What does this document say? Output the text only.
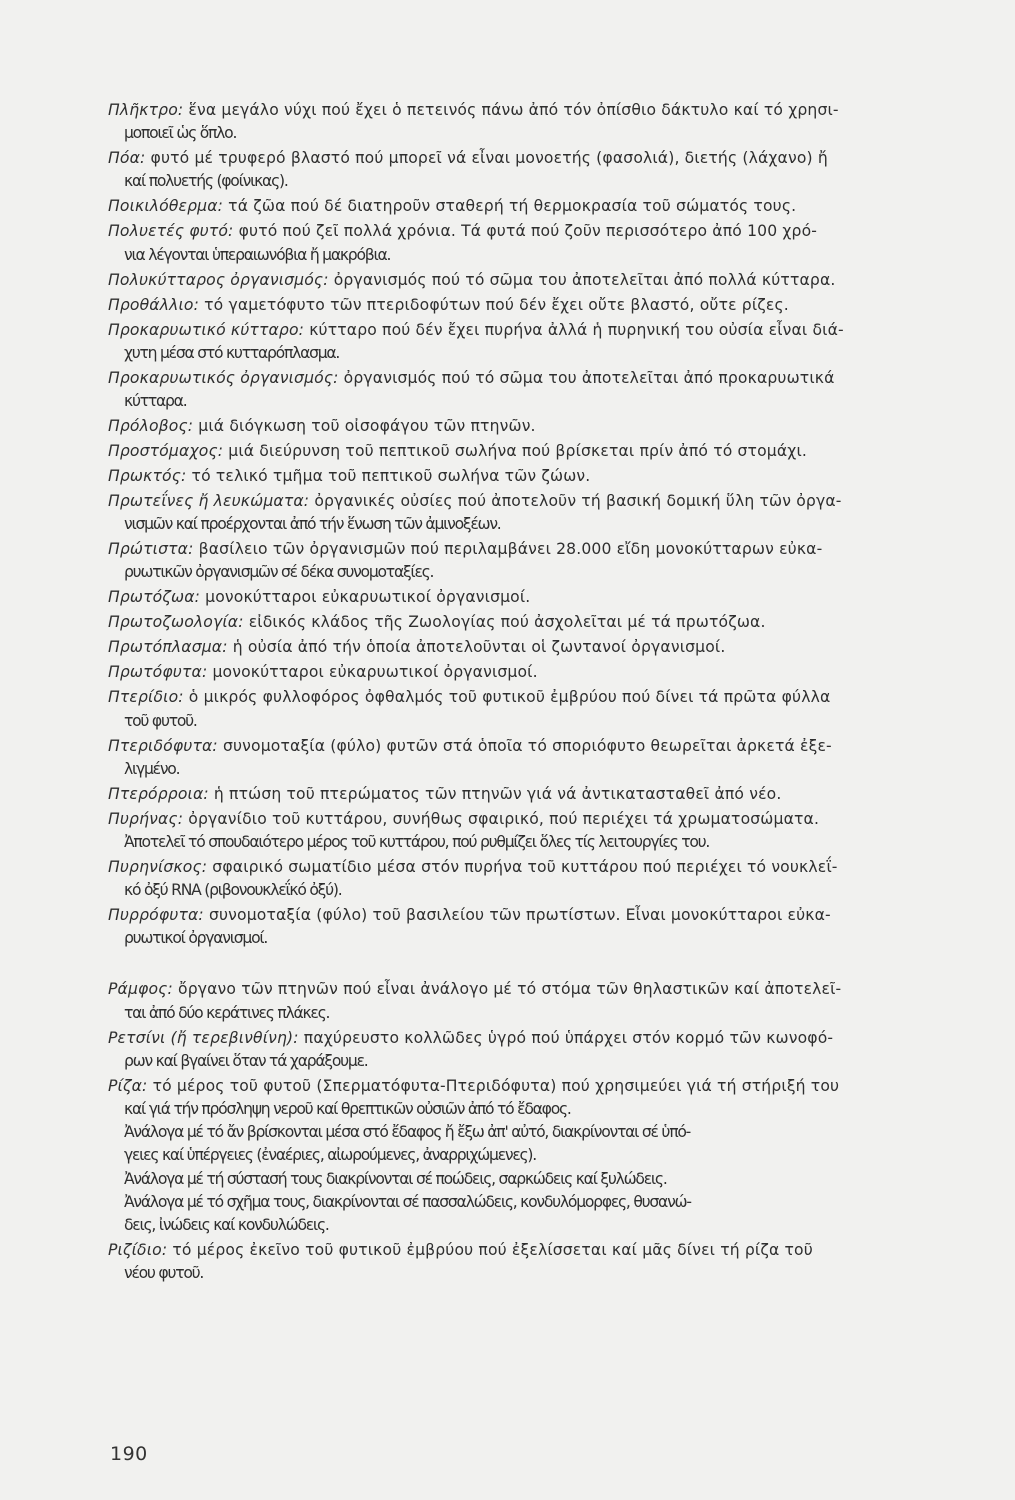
Πλῆκτρο: ἕνα μεγάλο νύχι πού ἔχει ὁ πετεινός πάνω ἀπό τόν ὀπίσθιο δάκτυλο καί τό χρησι-
μοποιεῖ ὡς ὅπλο.
Πόα: φυτό μέ τρυφερό βλαστό πού μπορεῖ νά εἶναι μονοετής (φασολιά), διετής (λάχανο) ἤ
καί πολυετής (φοίνικας).
Ποικιλόθερμα: τά ζῶα πού δέ διατηροῦν σταθερή τή θερμοκρασία τοῦ σώματός τους.
Πολυετές φυτό: φυτό πού ζεῖ πολλά χρόνια. Τά φυτά πού ζοῦν περισσότερο ἀπό 100 χρό-
νια λέγονται ὑπεραιωνόβια ἤ μακρόβια.
Πολυκύτταρος ὀργανισμός: ὀργανισμός πού τό σῶμα του ἀποτελεῖται ἀπό πολλά κύτταρα.
Προθάλλιο: τό γαμετόφυτο τῶν πτεριδοφύτων πού δέν ἔχει οὔτε βλαστό, οὔτε ρίζες.
Προκαρυωτικό κύτταρο: κύτταρο πού δέν ἔχει πυρήνα ἀλλά ἡ πυρηνική του οὐσία εἶναι διά-
χυτη μέσα στό κυτταρόπλασμα.
Προκαρυωτικός ὀργανισμός: ὀργανισμός πού τό σῶμα του ἀποτελεῖται ἀπό προκαρυωτικά
κύτταρα.
Πρόλοβος: μιά διόγκωση τοῦ οἰσοφάγου τῶν πτηνῶν.
Προστόμαχος: μιά διεύρυνση τοῦ πεπτικοῦ σωλήνα πού βρίσκεται πρίν ἀπό τό στομάχι.
Πρωκτός: τό τελικό τμῆμα τοῦ πεπτικοῦ σωλήνα τῶν ζώων.
Πρωτεΐνες ἤ λευκώματα: ὀργανικές οὐσίες πού ἀποτελοῦν τή βασική δομική ὕλη τῶν ὀργα-
νισμῶν καί προέρχονται ἀπό τήν ἕνωση τῶν ἀμινοξέων.
Πρώτιστα: βασίλειο τῶν ὀργανισμῶν πού περιλαμβάνει 28.000 εἴδη μονοκύτταρων εὐκα-
ρυωτικῶν ὀργανισμῶν σέ δέκα συνομοταξίες.
Πρωτόζωα: μονοκύτταροι εὐκαρυωτικοί ὀργανισμοί.
Πρωτοζωολογία: εἰδικός κλάδος τῆς Ζωολογίας πού ἀσχολεῖται μέ τά πρωτόζωα.
Πρωτόπλασμα: ἡ οὐσία ἀπό τήν ὁποία ἀποτελοῦνται οἱ ζωντανοί ὀργανισμοί.
Πρωτόφυτα: μονοκύτταροι εὐκαρυωτικοί ὀργανισμοί.
Πτερίδιο: ὁ μικρός φυλλοφόρος ὀφθαλμός τοῦ φυτικοῦ ἐμβρύου πού δίνει τά πρῶτα φύλλα
τοῦ φυτοῦ.
Πτεριδόφυτα: συνομοταξία (φύλο) φυτῶν στά ὁποῖα τό σποριόφυτο θεωρεῖται ἀρκετά ἐξε-
λιγμένο.
Πτερόρροια: ἡ πτώση τοῦ πτερώματος τῶν πτηνῶν γιά νά ἀντικατασταθεῖ ἀπό νέο.
Πυρήνας: ὀργανίδιο τοῦ κυττάρου, συνήθως σφαιρικό, πού περιέχει τά χρωματοσώματα.
Ἀποτελεῖ τό σπουδαιότερο μέρος τοῦ κυττάρου, πού ρυθμίζει ὅλες τίς λειτουργίες του.
Πυρηνίσκος: σφαιρικό σωματίδιο μέσα στόν πυρήνα τοῦ κυττάρου πού περιέχει τό νουκλεΐ-
κό ὀξύ RNA (ριβονουκλεΐκό ὀξύ).
Πυρρόφυτα: συνομοταξία (φύλο) τοῦ βασιλείου τῶν πρωτίστων. Εἶναι μονοκύτταροι εὐκα-
ρυωτικοί ὀργανισμοί.
Ράμφος: ὄργανο τῶν πτηνῶν πού εἶναι ἀνάλογο μέ τό στόμα τῶν θηλαστικῶν καί ἀποτελεῖ-
ται ἀπό δύο κεράτινες πλάκες.
Ρετσίνι (ἤ τερεβινθίνη): παχύρευστο κολλῶδες ὑγρό πού ὑπάρχει στόν κορμό τῶν κωνοφό-
ρων καί βγαίνει ὅταν τά χαράξουμε.
Ρίζα: τό μέρος τοῦ φυτοῦ (Σπερματόφυτα-Πτεριδόφυτα) πού χρησιμεύει γιά τή στήριξή του
καί γιά τήν πρόσληψη νεροῦ καί θρεπτικῶν οὐσιῶν ἀπό τό ἔδαφος.
Ἀνάλογα μέ τό ἄν βρίσκονται μέσα στό ἔδαφος ἤ ἔξω ἀπ' αὐτό, διακρίνονται σέ ὑπό-
γειες καί ὑπέργειες (ἐναέριες, αἰωρούμενες, ἀναρριχώμενες).
Ἀνάλογα μέ τή σύστασή τους διακρίνονται σέ ποώδεις, σαρκώδεις καί ξυλώδεις.
Ἀνάλογα μέ τό σχῆμα τους, διακρίνονται σέ πασσαλώδεις, κονδυλόμορφες, θυσανώ-
δεις, ἰνώδεις καί κονδυλώδεις.
Ριζίδιο: τό μέρος ἐκεῖνο τοῦ φυτικοῦ ἐμβρύου πού ἐξελίσσεται καί μᾶς δίνει τή ρίζα τοῦ
νέου φυτοῦ.
190
